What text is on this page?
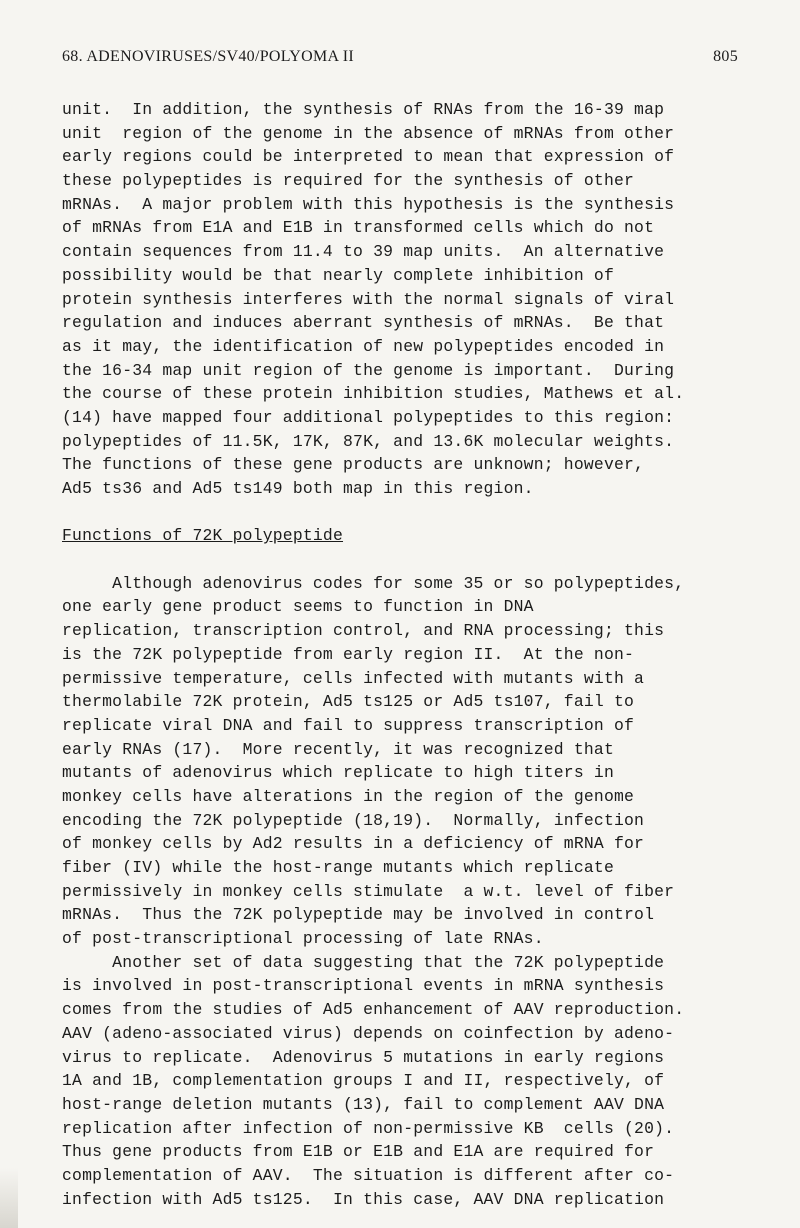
68. ADENOVIRUSES/SV40/POLYOMA II	805
unit.  In addition, the synthesis of RNAs from the 16-39 map
unit  region of the genome in the absence of mRNAs from other
early regions could be interpreted to mean that expression of
these polypeptides is required for the synthesis of other
mRNAs.  A major problem with this hypothesis is the synthesis
of mRNAs from E1A and E1B in transformed cells which do not
contain sequences from 11.4 to 39 map units.  An alternative
possibility would be that nearly complete inhibition of
protein synthesis interferes with the normal signals of viral
regulation and induces aberrant synthesis of mRNAs.  Be that
as it may, the identification of new polypeptides encoded in
the 16-34 map unit region of the genome is important.  During
the course of these protein inhibition studies, Mathews et al.
(14) have mapped four additional polypeptides to this region:
polypeptides of 11.5K, 17K, 87K, and 13.6K molecular weights.
The functions of these gene products are unknown; however,
Ad5 ts36 and Ad5 ts149 both map in this region.
Functions of 72K polypeptide
Although adenovirus codes for some 35 or so polypeptides,
one early gene product seems to function in DNA
replication, transcription control, and RNA processing; this
is the 72K polypeptide from early region II.  At the non-
permissive temperature, cells infected with mutants with a
thermolabile 72K protein, Ad5 ts125 or Ad5 ts107, fail to
replicate viral DNA and fail to suppress transcription of
early RNAs (17).  More recently, it was recognized that
mutants of adenovirus which replicate to high titers in
monkey cells have alterations in the region of the genome
encoding the 72K polypeptide (18,19).  Normally, infection
of monkey cells by Ad2 results in a deficiency of mRNA for
fiber (IV) while the host-range mutants which replicate
permissively in monkey cells stimulate  a w.t. level of fiber
mRNAs.  Thus the 72K polypeptide may be involved in control
of post-transcriptional processing of late RNAs.
Another set of data suggesting that the 72K polypeptide
is involved in post-transcriptional events in mRNA synthesis
comes from the studies of Ad5 enhancement of AAV reproduction.
AAV (adeno-associated virus) depends on coinfection by adeno-
virus to replicate.  Adenovirus 5 mutations in early regions
1A and 1B, complementation groups I and II, respectively, of
host-range deletion mutants (13), fail to complement AAV DNA
replication after infection of non-permissive KB  cells (20).
Thus gene products from E1B or E1B and E1A are required for
complementation of AAV.  The situation is different after co-
infection with Ad5 ts125.  In this case, AAV DNA replication
